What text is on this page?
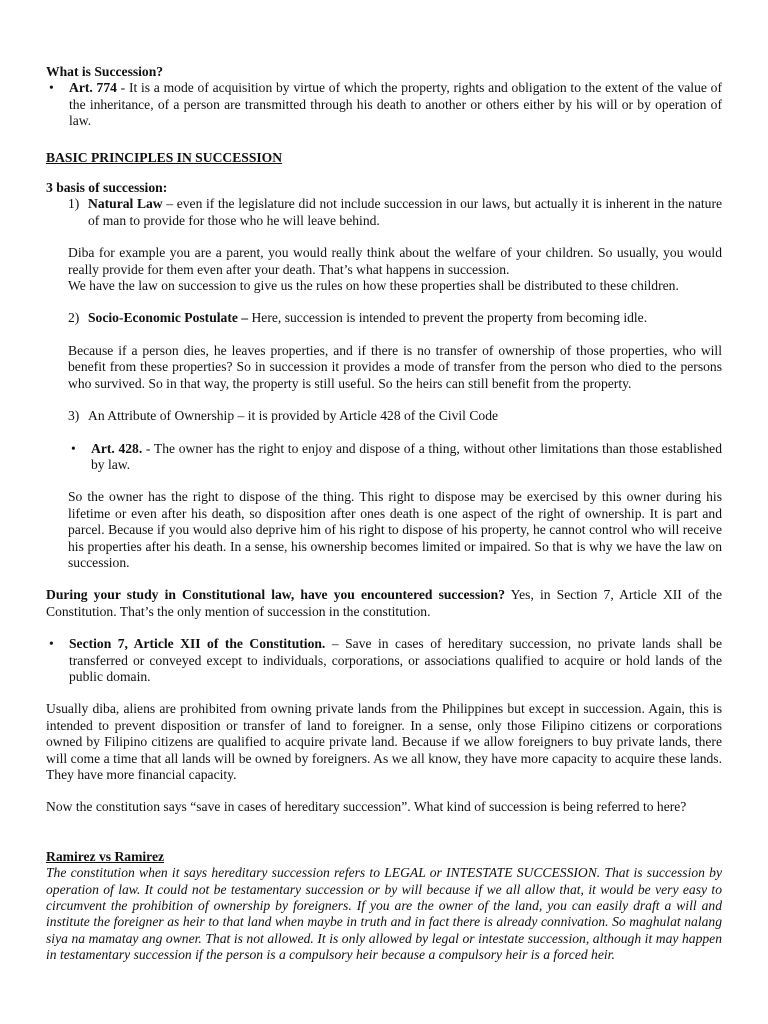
What is Succession?

• Art. 774 - It is a mode of acquisition by virtue of which the property, rights and obligation to the extent of the value of the inheritance, of a person are transmitted through his death to another or others either by his will or by operation of law.

BASIC PRINCIPLES IN SUCCESSION

3 basis of succession:

1) Natural Law – even if the legislature did not include succession in our laws, but actually it is inherent in the nature of man to provide for those who he will leave behind.

Diba for example you are a parent, you would really think about the welfare of your children. So usually, you would really provide for them even after your death. That’s what happens in succession.
We have the law on succession to give us the rules on how these properties shall be distributed to these children.

2) Socio-Economic Postulate – Here, succession is intended to prevent the property from becoming idle.

Because if a person dies, he leaves properties, and if there is no transfer of ownership of those properties, who will benefit from these properties? So in succession it provides a mode of transfer from the person who died to the persons who survived. So in that way, the property is still useful. So the heirs can still benefit from the property.

3) An Attribute of Ownership – it is provided by Article 428 of the Civil Code

• Art. 428. - The owner has the right to enjoy and dispose of a thing, without other limitations than those established by law.

So the owner has the right to dispose of the thing. This right to dispose may be exercised by this owner during his lifetime or even after his death, so disposition after ones death is one aspect of the right of ownership. It is part and parcel. Because if you would also deprive him of his right to dispose of his property, he cannot control who will receive his properties after his death. In a sense, his ownership becomes limited or impaired. So that is why we have the law on succession.

During your study in Constitutional law, have you encountered succession? Yes, in Section 7, Article XII of the Constitution. That’s the only mention of succession in the constitution.

• Section 7, Article XII of the Constitution. – Save in cases of hereditary succession, no private lands shall be transferred or conveyed except to individuals, corporations, or associations qualified to acquire or hold lands of the public domain.

Usually diba, aliens are prohibited from owning private lands from the Philippines but except in succession. Again, this is intended to prevent disposition or transfer of land to foreigner. In a sense, only those Filipino citizens or corporations owned by Filipino citizens are qualified to acquire private land. Because if we allow foreigners to buy private lands, there will come a time that all lands will be owned by foreigners. As we all know, they have more capacity to acquire these lands. They have more financial capacity.

Now the constitution says “save in cases of hereditary succession”. What kind of succession is being referred to here?

Ramirez vs Ramirez

The constitution when it says hereditary succession refers to LEGAL or INTESTATE SUCCESSION. That is succession by operation of law. It could not be testamentary succession or by will because if we all allow that, it would be very easy to circumvent the prohibition of ownership by foreigners. If you are the owner of the land, you can easily draft a will and institute the foreigner as heir to that land when maybe in truth and in fact there is already connivation. So maghulat nalang siya na mamatay ang owner. That is not allowed. It is only allowed by legal or intestate succession, although it may happen in testamentary succession if the person is a compulsory heir because a compulsory heir is a forced heir.
